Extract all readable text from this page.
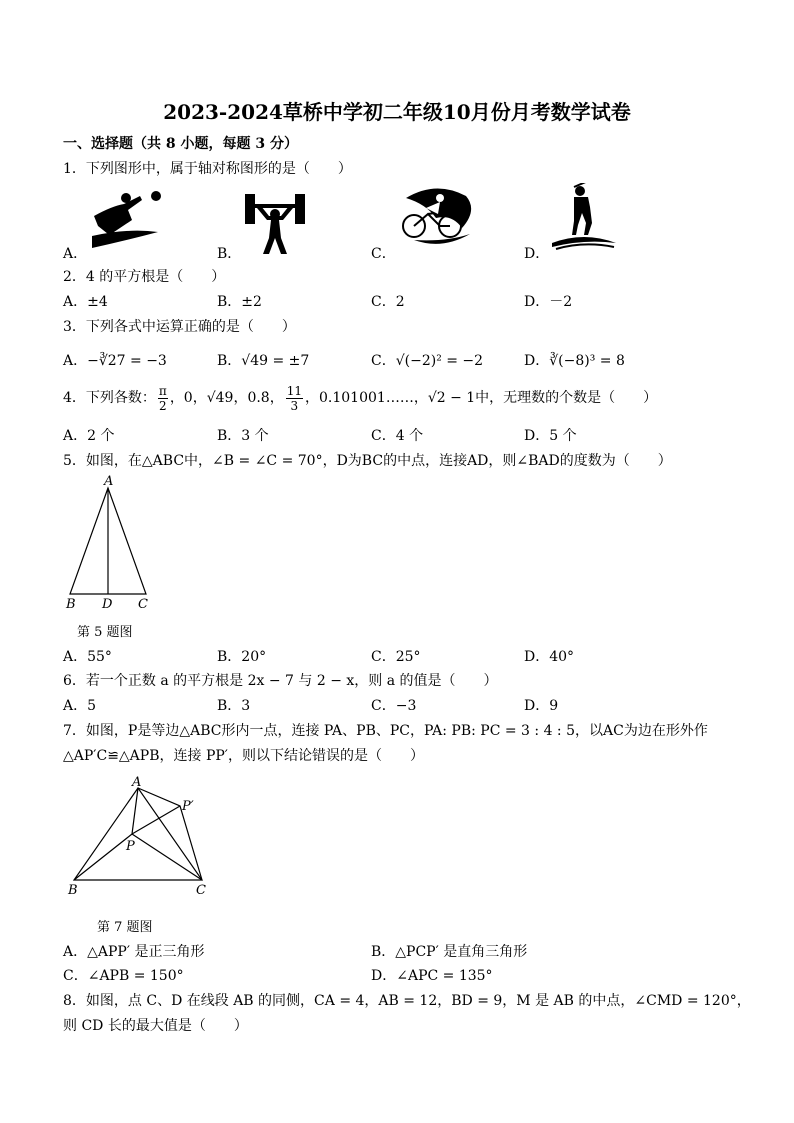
2023-2024草桥中学初二年级10月份月考数学试卷
一、选择题（共 8 小题，每题 3 分）
1．下列图形中，属于轴对称图形的是（　　）
A．	B．	C．	D．
2．4 的平方根是（　　）
A．±4	B．±2	C．2	D．－2
3．下列各式中运算正确的是（　　）
A．−∛27 = −3	B．√49 = ±7	C．√(−2)² = −2	D．∛(−8)³ = 8
4．下列各数： $\frac{\pi}{2}$ ，0，√49，0.8̇， $\frac{11}{3}$ ，0.101001……，√2 − 1中，无理数的个数是（　　）
A．2 个	B．3 个	C．4 个	D．5 个
5．如图，在△ABC中，∠B = ∠C = 70°，D为BC的中点，连接AD，则∠BAD的度数为（　　）
A
B D C
第 5 题图
A．55°	B．20°	C．25°	D．40°
6．若一个正数 a 的平方根是 2x − 7 与 2 − x，则 a 的值是（　　）
A．5	B．3	C．−3	D．9
7．如图，P是等边△ABC形内一点，连接 PA、PB、PC，PA: PB: PC = 3 : 4 : 5，以AC为边在形外作
△AP′C≌△APB，连接 PP′，则以下结论错误的是（　　）
A
P′
P
B	C
第 7 题图
A．△APP′ 是正三角形	B．△PCP′ 是直角三角形
C．∠APB = 150°	D．∠APC = 135°
8．如图，点 C、D 在线段 AB 的同侧，CA = 4，AB = 12，BD = 9，M 是 AB 的中点，∠CMD = 120°，
则 CD 长的最大值是（　　）
